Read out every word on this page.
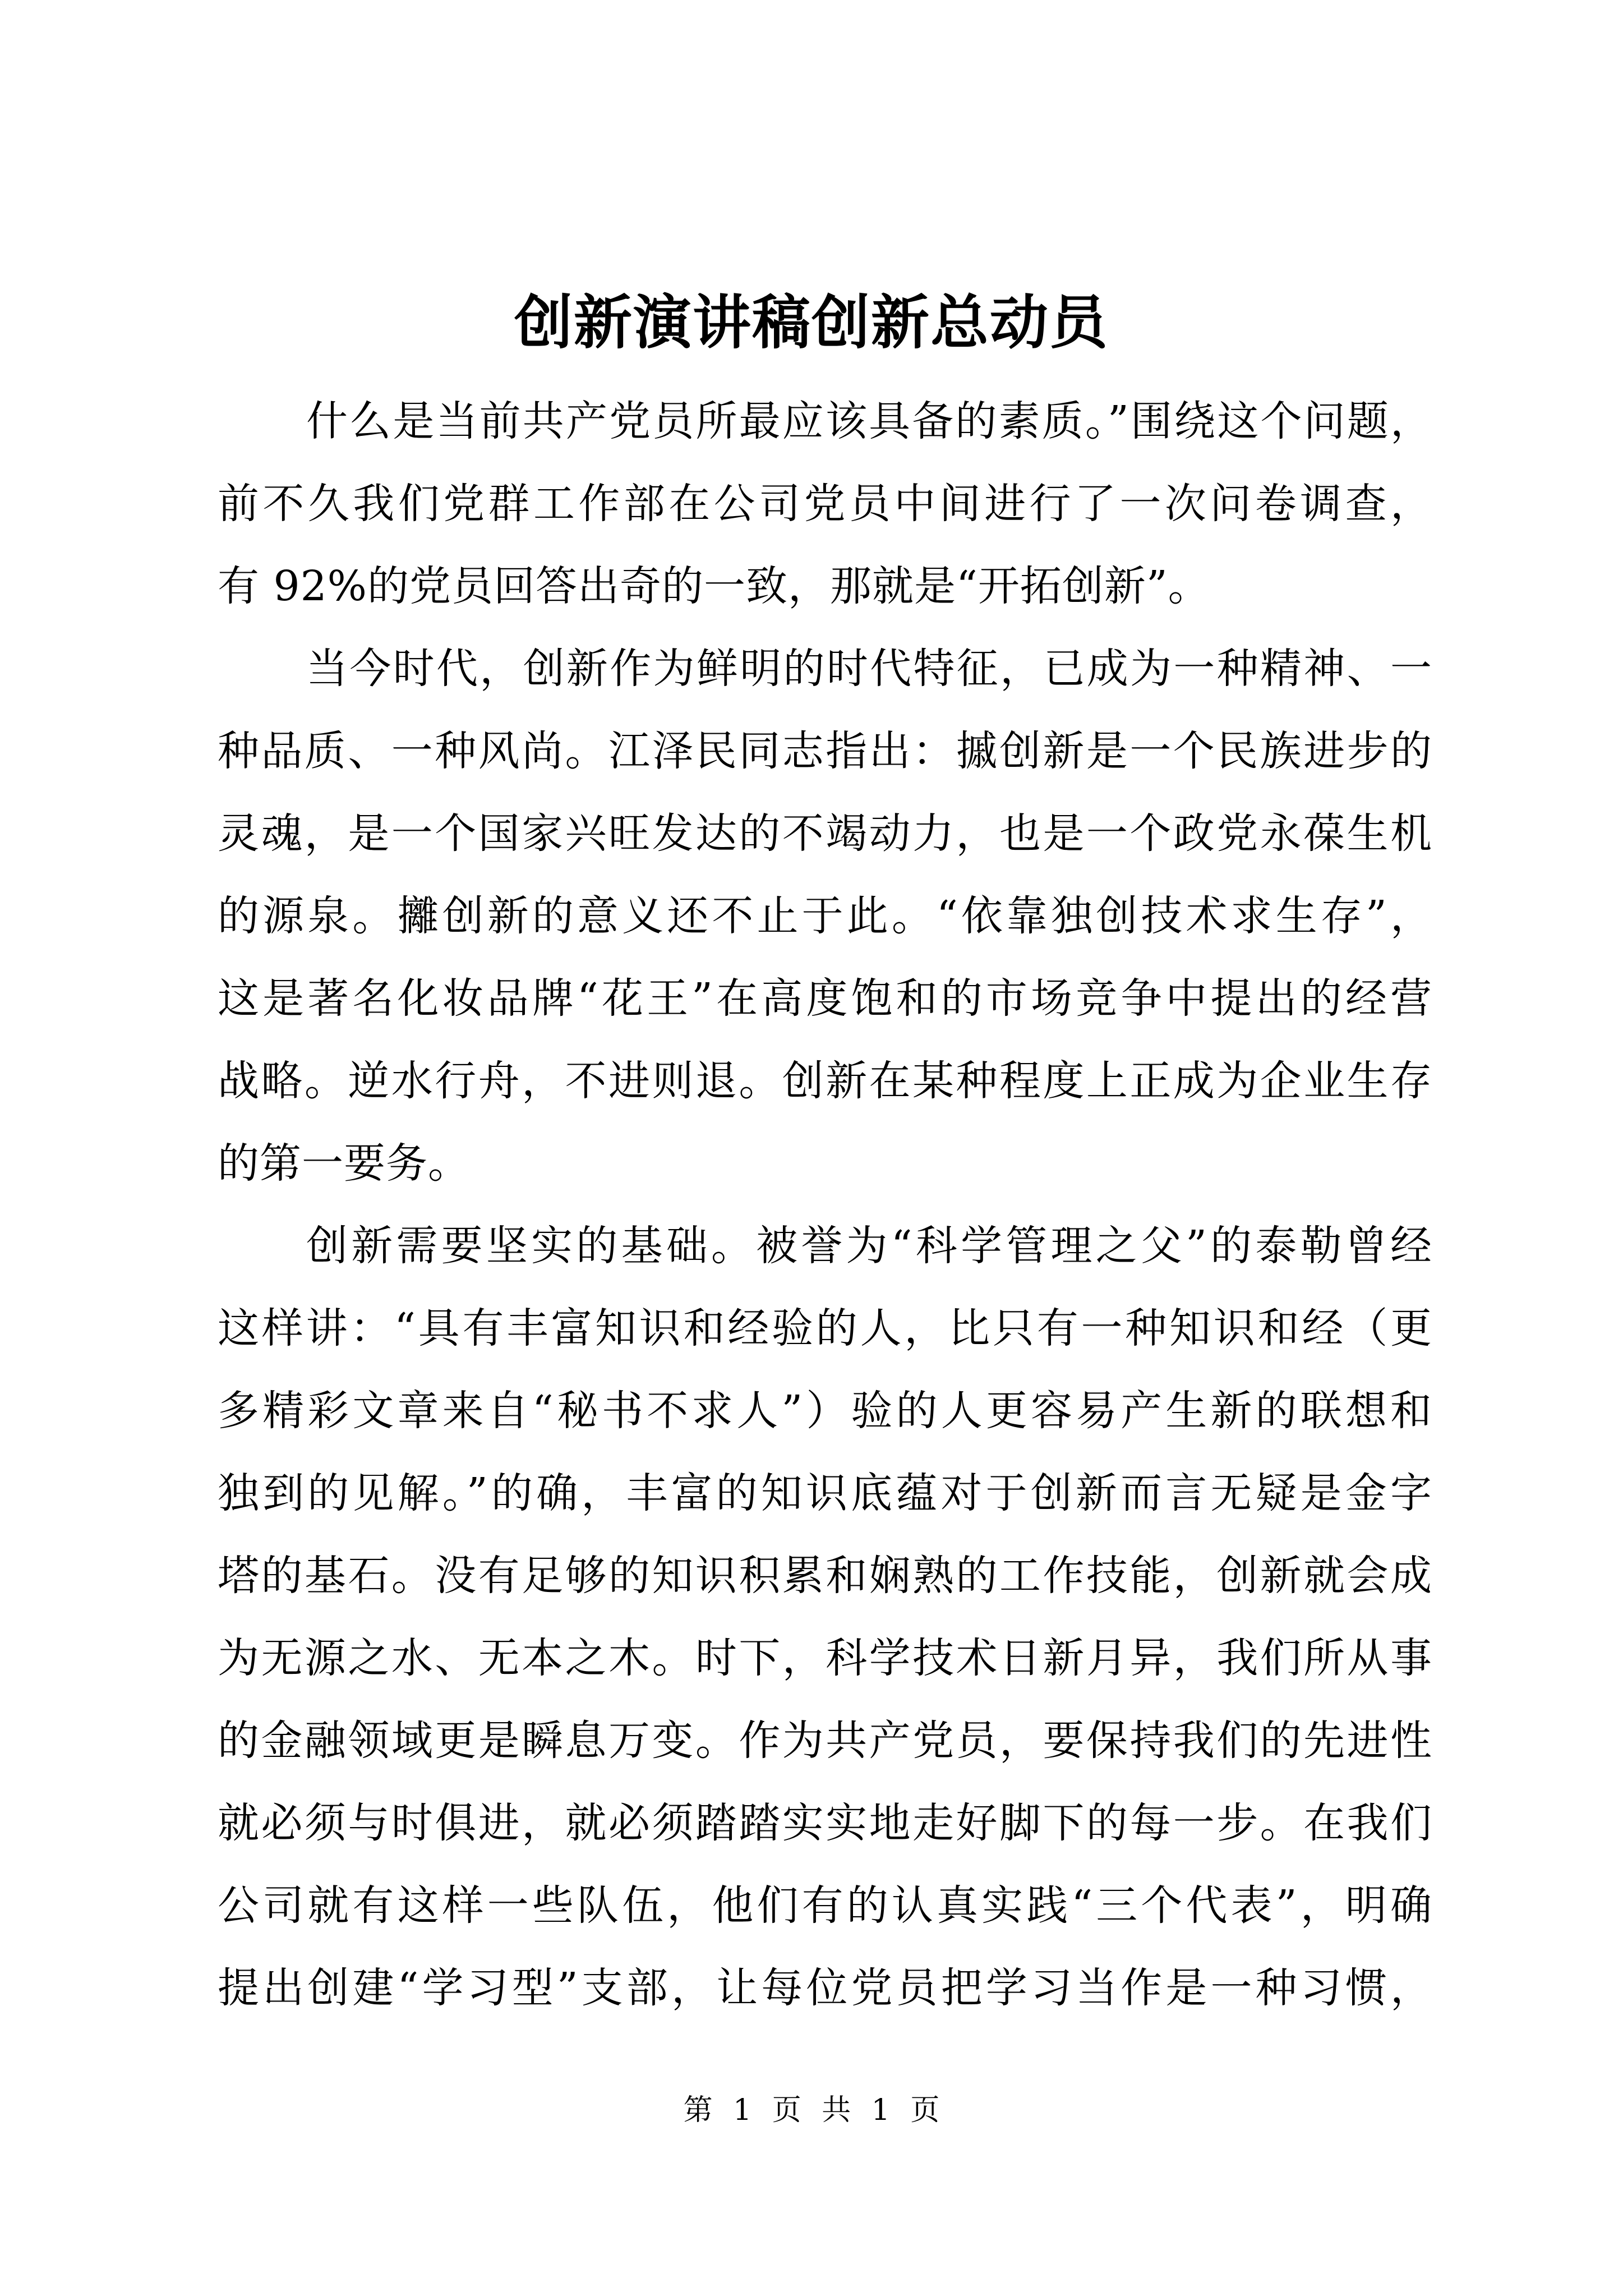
创新演讲稿创新总动员
什么是当前共产党员所最应该具备的素质。”围绕这个问题，
前不久我们党群工作部在公司党员中间进行了一次问卷调查，
有 92%的党员回答出奇的一致，那就是“开拓创新”。
当今时代，创新作为鲜明的时代特征，已成为一种精神、一
种品质、一种风尚。江泽民同志指出：摵创新是一个民族进步的
灵魂，是一个国家兴旺发达的不竭动力，也是一个政党永葆生机
的源泉。攡创新的意义还不止于此。“依靠独创技术求生存”，
这是著名化妆品牌“花王”在高度饱和的市场竞争中提出的经营
战略。逆水行舟，不进则退。创新在某种程度上正成为企业生存
的第一要务。
创新需要坚实的基础。被誉为“科学管理之父”的泰勒曾经
这样讲：“具有丰富知识和经验的人，比只有一种知识和经（更
多精彩文章来自“秘书不求人”）验的人更容易产生新的联想和
独到的见解。”的确，丰富的知识底蕴对于创新而言无疑是金字
塔的基石。没有足够的知识积累和娴熟的工作技能，创新就会成
为无源之水、无本之木。时下，科学技术日新月异，我们所从事
的金融领域更是瞬息万变。作为共产党员，要保持我们的先进性
就必须与时俱进，就必须踏踏实实地走好脚下的每一步。在我们
公司就有这样一些队伍，他们有的认真实践“三个代表”，明确
提出创建“学习型”支部，让每位党员把学习当作是一种习惯，
第 1 页 共 1 页
